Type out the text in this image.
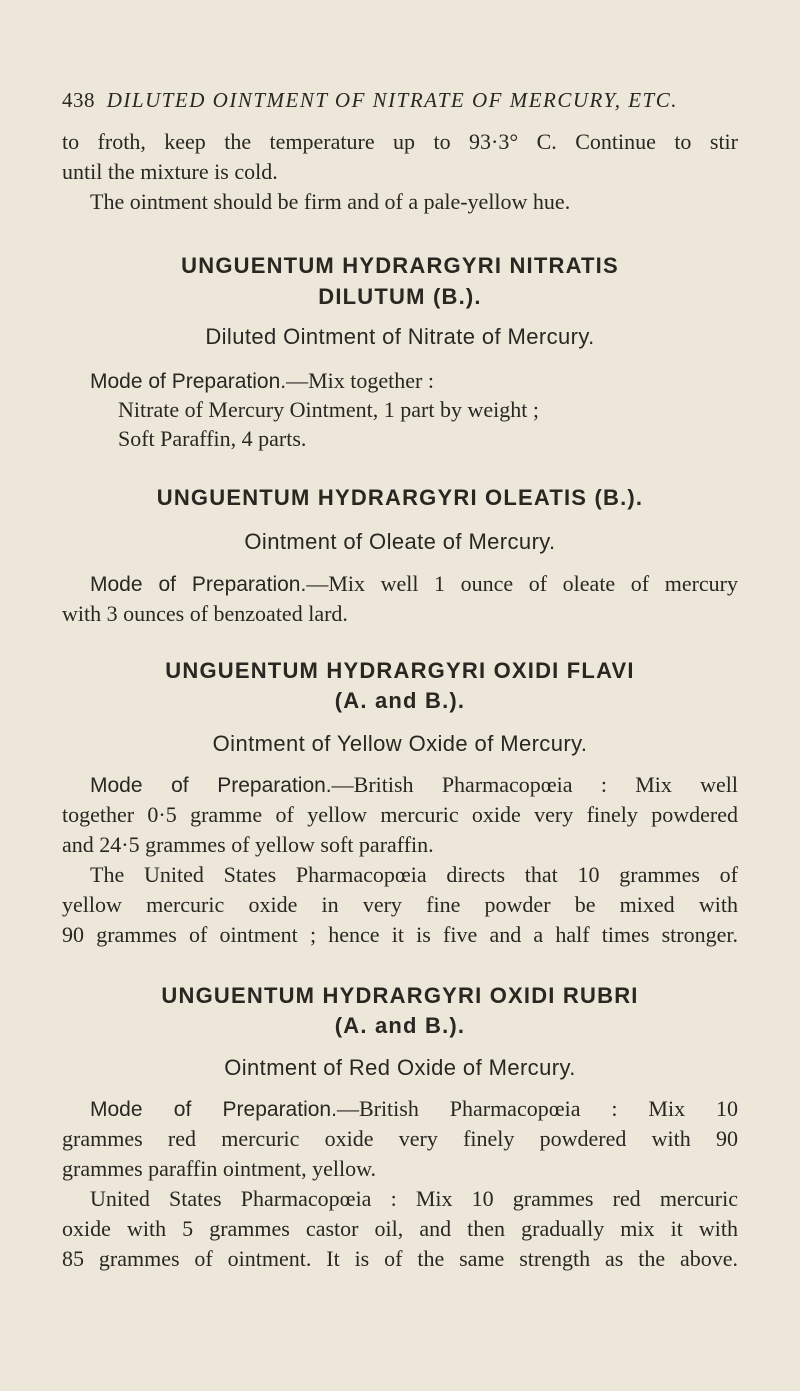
438 DILUTED OINTMENT OF NITRATE OF MERCURY, ETC.
to froth, keep the temperature up to 93·3° C. Continue to stir
until the mixture is cold.
The ointment should be firm and of a pale-yellow hue.
UNGUENTUM HYDRARGYRI NITRATIS
DILUTUM (B.).
Diluted Ointment of Nitrate of Mercury.
Mode of Preparation.—Mix together :
Nitrate of Mercury Ointment, 1 part by weight ;
Soft Paraffin, 4 parts.
UNGUENTUM HYDRARGYRI OLEATIS (B.).
Ointment of Oleate of Mercury.
Mode of Preparation.—Mix well 1 ounce of oleate of mercury
with 3 ounces of benzoated lard.
UNGUENTUM HYDRARGYRI OXIDI FLAVI
(A. and B.).
Ointment of Yellow Oxide of Mercury.
Mode of Preparation.—British Pharmacopœia : Mix well
together 0·5 gramme of yellow mercuric oxide very finely powdered
and 24·5 grammes of yellow soft paraffin.
The United States Pharmacopœia directs that 10 grammes of
yellow mercuric oxide in very fine powder be mixed with
90 grammes of ointment ; hence it is five and a half times stronger.
UNGUENTUM HYDRARGYRI OXIDI RUBRI
(A. and B.).
Ointment of Red Oxide of Mercury.
Mode of Preparation.—British Pharmacopœia : Mix 10
grammes red mercuric oxide very finely powdered with 90
grammes paraffin ointment, yellow.
United States Pharmacopœia : Mix 10 grammes red mercuric
oxide with 5 grammes castor oil, and then gradually mix it with
85 grammes of ointment. It is of the same strength as the above.
